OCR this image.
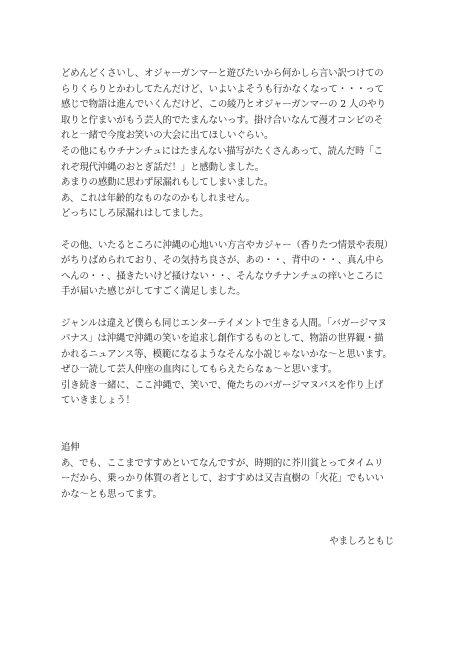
どめんどくさいし、オジャーガンマーと遊びたいから何かしら言い訳つけての
らりくらりとかわしてたんだけど、いよいよそうも行かなくなって・・・って
感じで物語は進んでいくんだけど、この綾乃とオジャーガンマーの 2 人のやり
取りと佇まいがもう芸人的でたまんないっす。掛け合いなんて漫才コンビのそ
れと一緒で今度お笑いの大会に出てほしいぐらい。
その他にもウチナンチュにはたまんない描写がたくさんあって、読んだ時「こ
れぞ現代沖縄のおとぎ話だ！」と感動しました。
あまりの感動に思わず尿漏れもしてしまいました。
あ、これは年齢的なものなのかもしれません。
どっちにしろ尿漏れはしてました。
その他、いたるところに沖縄の心地いい方言やカジャー（香りたつ情景や表現）
がちりばめられており、その気持ち良さが、あの・・、背中の・・、真ん中ら
へんの・・、掻きたいけど掻けない・・、そんなウチナンチュの痒いところに
手が届いた感じがしてすごく満足しました。
ジャンルは違えど僕らも同じエンターテイメントで生きる人間。「バガージマヌ
パナス」は沖縄で沖縄の笑いを追求し創作するものとして、物語の世界観・描
かれるニュアンス等、模範になるようなそんな小説じゃないかな～と思います。
ぜひ一読して芸人仲座の血肉にしてもらえたらなぁ～と思います。
引き続き一緒に、ここ沖縄で、笑いで、俺たちのバガージマヌパスを作り上げ
ていきましょう！
追伸
あ、でも、ここまですすめといてなんですが、時期的に芥川賞とってタイムリ
ーだから、乗っかり体質の者として、おすすめは又吉直樹の「火花」でもいい
かな～とも思ってます。
やましろともじ
